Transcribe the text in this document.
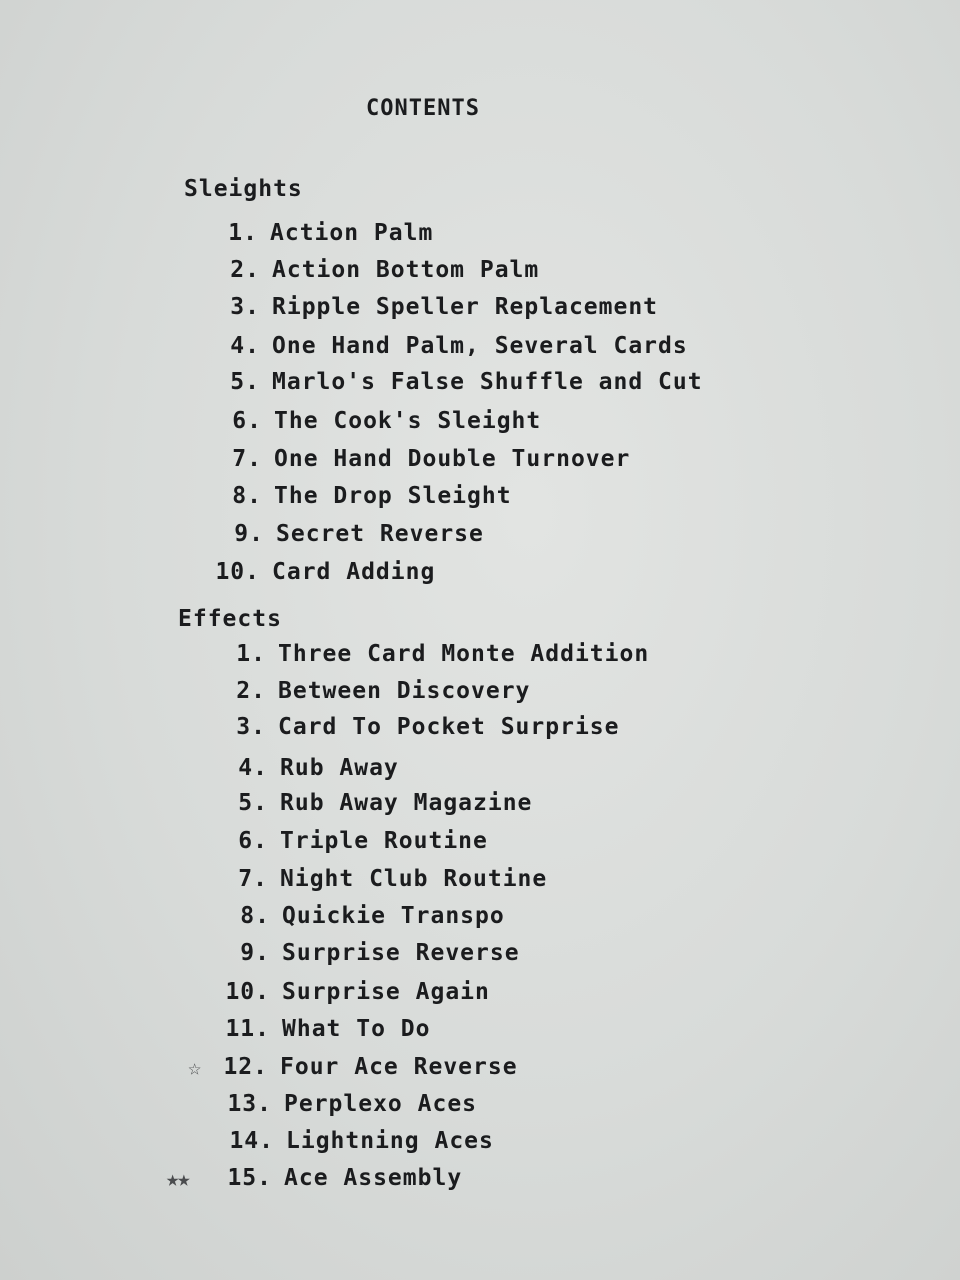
CONTENTS
Sleights
1. Action Palm
2. Action Bottom Palm
3. Ripple Speller Replacement
4. One Hand Palm, Several Cards
5. Marlo's False Shuffle and Cut
6. The Cook's Sleight
7. One Hand Double Turnover
8. The Drop Sleight
9. Secret Reverse
10. Card Adding
Effects
1. Three Card Monte Addition
2. Between Discovery
3. Card To Pocket Surprise
4. Rub Away
5. Rub Away Magazine
6. Triple Routine
7. Night Club Routine
8. Quickie Transpo
9. Surprise Reverse
10. Surprise Again
11. What To Do
12. Four Ace Reverse
☆
13. Perplexo Aces
14. Lightning Aces
15. Ace Assembly
★★
